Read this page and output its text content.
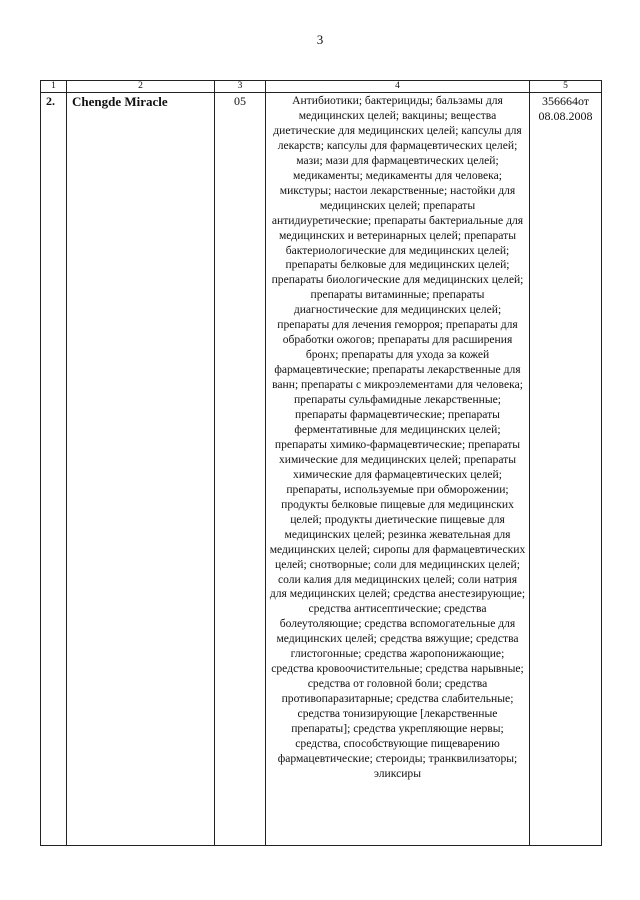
3
1	2	3	4	5
2.	Chengde Miracle	05	Антибиотики; бактерициды; бальзамы для медицинских целей; вакцины; вещества диетические для медицинских целей; капсулы для лекарств; капсулы для фармацевтических целей; мази; мази для фармацевтических целей; медикаменты; медикаменты для человека; микстуры; настои лекарственные; настойки для медицинских целей; препараты антидиуретические; препараты бактериальные для медицинских и ветеринарных целей; препараты бактериологические для медицинских целей; препараты белковые для медицинских целей; препараты биологические для медицинских целей; препараты витаминные; препараты диагностические для медицинских целей; препараты для лечения геморроя; препараты для обработки ожогов; препараты для расширения бронх; препараты для ухода за кожей фармацевтические; препараты лекарственные для ванн; препараты с микроэлементами для человека; препараты сульфамидные лекарственные; препараты фармацевтические; препараты ферментативные для медицинских целей; препараты химико-фармацевтические; препараты химические для медицинских целей; препараты химические для фармацевтических целей; препараты, используемые при обморожении; продукты белковые пищевые для медицинских целей; продукты диетические пищевые для медицинских целей; резинка жевательная для медицинских целей; сиропы для фармацевтических целей; снотворные; соли для медицинских целей; соли калия для медицинских целей; соли натрия для медицинских целей; средства анестезирующие; средства антисептические; средства болеутоляющие; средства вспомогательные для медицинских целей; средства вяжущие; средства глистогонные; средства жаропонижающие; средства кровоочистительные; средства нарывные; средства от головной боли; средства противопаразитарные; средства слабительные; средства тонизирующие [лекарственные препараты]; средства укрепляющие нервы; средства, способствующие пищеварению фармацевтические; стероиды; транквилизаторы; эликсиры	356664от
08.08.2008
